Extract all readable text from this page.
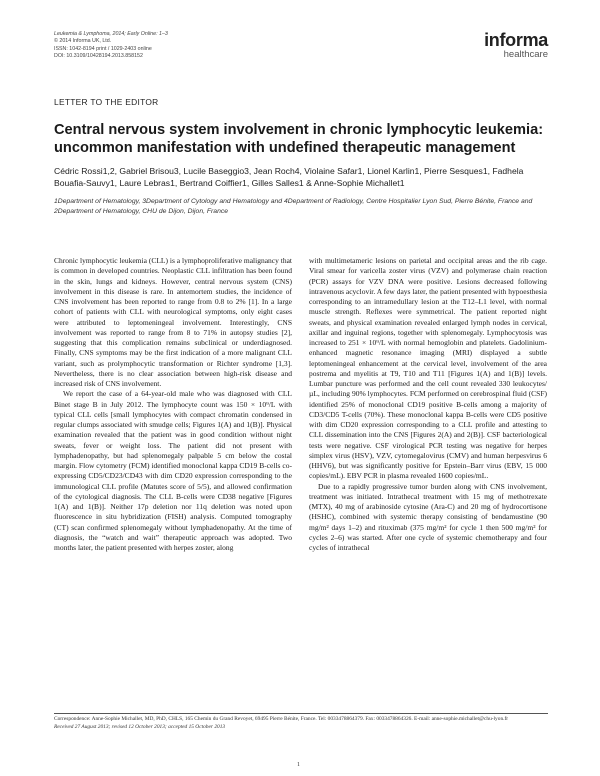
Leukemia & Lymphoma, 2014; Early Online: 1–3
© 2014 Informa UK, Ltd.
ISSN: 1042-8194 print / 1029-2403 online
DOI: 10.3109/10428194.2013.858152
informa
healthcare
LETTER TO THE EDITOR
Central nervous system involvement in chronic lymphocytic leukemia: uncommon manifestation with undefined therapeutic management
Cédric Rossi1,2, Gabriel Brisou3, Lucile Baseggio3, Jean Roch4, Violaine Safar1, Lionel Karlin1, Pierre Sesques1, Fadhela Bouafia-Sauvy1, Laure Lebras1, Bertrand Coiffier1, Gilles Salles1 & Anne-Sophie Michallet1
1Department of Hematology, 3Department of Cytology and Hematology and 4Department of Radiology, Centre Hospitalier Lyon Sud, Pierre Bénite, France and 2Department of Hematology, CHU de Dijon, Dijon, France

Chronic lymphocytic leukemia (CLL) is a lymphoproliferative malignancy that is common in developed countries. Neoplastic CLL infiltration has been found in the skin, lungs and kidneys. However, central nervous system (CNS) involvement in this disease is rare. In antemortem studies, the incidence of CNS involvement has been reported to range from 0.8 to 2% [1]. In a large cohort of patients with CLL with neurological symptoms, only eight cases were attributed to leptomeningeal involvement. Interestingly, CNS involvement was reported to range from 8 to 71% in autopsy studies [2], suggesting that this complication remains subclinical or underdiagnosed. Finally, CNS symptoms may be the first indication of a more malignant CLL variant, such as prolymphocytic transformation or Richter syndrome [1,3]. Nevertheless, there is no clear association between high-risk disease and increased risk of CNS involvement.

We report the case of a 64-year-old male who was diagnosed with CLL Binet stage B in July 2012. The lymphocyte count was 150 × 10⁹/L with typical CLL cells [small lymphocytes with compact chromatin condensed in regular clumps associated with smudge cells; Figures 1(A) and 1(B)]. Physical examination revealed that the patient was in good condition without night sweats, fever or weight loss. The patient did not present with lymphadenopathy, but had splenomegaly palpable 5 cm below the costal margin. Flow cytometry (FCM) identified monoclonal kappa CD19 B-cells co-expressing CD5/CD23/CD43 with dim CD20 expression corresponding to the immunological CLL profile (Matutes score of 5/5), and allowed confirmation of the cytological diagnosis. The CLL B-cells were CD38 negative [Figures 1(A) and 1(B)]. Neither 17p deletion nor 11q deletion was noted upon fluorescence in situ hybridization (FISH) analysis. Computed tomography (CT) scan confirmed splenomegaly without lymphadenopathy. At the time of diagnosis, the “watch and wait” therapeutic approach was adopted. Two months later, the patient presented with herpes zoster, along

with multimetameric lesions on parietal and occipital areas and the rib cage. Viral smear for varicella zoster virus (VZV) and polymerase chain reaction (PCR) assays for VZV DNA were positive. Lesions decreased following intravenous acyclovir. A few days later, the patient presented with hypoesthesia corresponding to an intramedullary lesion at the T12–L1 level, with normal muscle strength. Reflexes were symmetrical. The patient reported night sweats, and physical examination revealed enlarged lymph nodes in cervical, axillar and inguinal regions, together with splenomegaly. Lymphocytosis was increased to 251 × 10⁹/L with normal hemoglobin and platelets. Gadolinium-enhanced magnetic resonance imaging (MRI) displayed a subtle leptomeningeal enhancement at the cervical level, involvement of the area postrema and myelitis at T9, T10 and T11 [Figures 1(A) and 1(B)] levels. Lumbar puncture was performed and the cell count revealed 330 leukocytes/µL, including 90% lymphocytes. FCM performed on cerebrospinal fluid (CSF) identified 25% of monoclonal CD19 positive B-cells among a majority of CD3/CD5 T-cells (70%). These monoclonal kappa B-cells were CD5 positive with dim CD20 expression corresponding to a CLL profile and attesting to CLL dissemination into the CNS [Figures 2(A) and 2(B)]. CSF bacteriological tests were negative. CSF virological PCR testing was negative for herpes simplex virus (HSV), VZV, cytomegalovirus (CMV) and human herpesvirus 6 (HHV6), but was significantly positive for Epstein–Barr virus (EBV, 15 000 copies/mL). EBV PCR in plasma revealed 1600 copies/mL.

Due to a rapidly progressive tumor burden along with CNS involvement, treatment was initiated. Intrathecal treatment with 15 mg of methotrexate (MTX), 40 mg of arabinoside cytosine (Ara-C) and 20 mg of hydrocortisone (HSHC), combined with systemic therapy consisting of bendamustine (90 mg/m² days 1–2) and rituximab (375 mg/m² for cycle 1 then 500 mg/m² for cycles 2–6) was started. After one cycle of systemic chemotherapy and four cycles of intrathecal

Correspondence: Anne-Sophie Michallet, MD, PhD, CHLS, 165 Chemin du Grand Revoyet, 69495 Pierre Bénite, France. Tel: 0033478864379. Fax: 0033478864326. E-mail: anne-sophie.michallet@chu-lyon.fr
Received 27 August 2013; revised 12 October 2013; accepted 15 October 2013
1
